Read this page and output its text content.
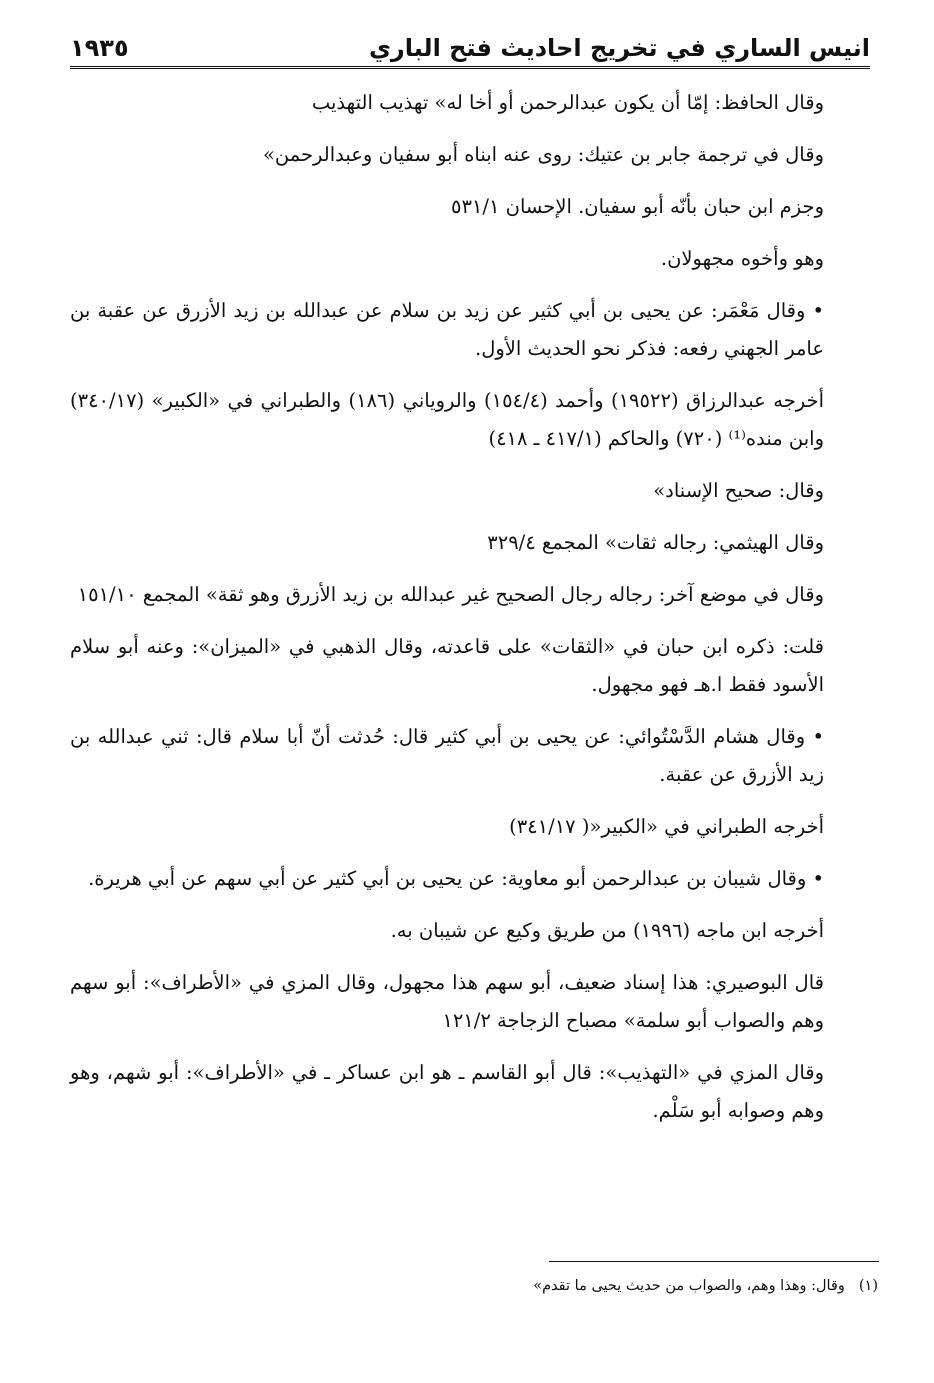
انيس الساري في تخريج احاديث فتح الباري
١٩٣٥

وقال الحافظ: إمّا أن يكون عبدالرحمن أو أخا له» تهذيب التهذيب

وقال في ترجمة جابر بن عتيك: روى عنه ابناه أبو سفيان وعبدالرحمن»

وجزم ابن حبان بأنّه أبو سفيان. الإحسان ٥٣١/١

وهو وأخوه مجهولان.

• وقال مَعْمَر: عن يحيى بن أبي كثير عن زيد بن سلام عن عبدالله بن زيد الأزرق عن عقبة بن عامر الجهني رفعه: فذكر نحو الحديث الأول.

أخرجه عبدالرزاق (١٩٥٢٢) وأحمد (١٥٤/٤) والروياني (١٨٦) والطبراني في «الكبير» (٣٤٠/١٧) وابن منده⁽¹⁾ (٧٢٠) والحاكم (٤١٧/١ ـ ٤١٨)

وقال: صحيح الإسناد»

وقال الهيثمي: رجاله ثقات» المجمع ٣٢٩/٤

وقال في موضع آخر: رجاله رجال الصحيح غير عبدالله بن زيد الأزرق وهو ثقة» المجمع ١٥١/١٠

قلت: ذكره ابن حبان في «الثقات» على قاعدته، وقال الذهبي في «الميزان»: وعنه أبو سلام الأسود فقط ا.هـ فهو مجهول.

• وقال هشام الدَّسْتُوائي: عن يحيى بن أبي كثير قال: حُدثت أنّ أبا سلام قال: ثني عبدالله بن زيد الأزرق عن عقبة.

أخرجه الطبراني في «الكبير«( ٣٤١/١٧)

• وقال شيبان بن عبدالرحمن أبو معاوية: عن يحيى بن أبي كثير عن أبي سهم عن أبي هريرة.

أخرجه ابن ماجه (١٩٩٦) من طريق وكيع عن شيبان به.

قال البوصيري: هذا إسناد ضعيف، أبو سهم هذا مجهول، وقال المزي في «الأطراف»: أبو سهم وهم والصواب أبو سلمة» مصباح الزجاجة ١٢١/٢

وقال المزي في «التهذيب»: قال أبو القاسم ـ هو ابن عساكر ـ في «الأطراف»: أبو شهم، وهو وهم وصوابه أبو سَلْم.

(١)وقال: وهذا وهم، والصواب من حديث يحيى ما تقدم»
